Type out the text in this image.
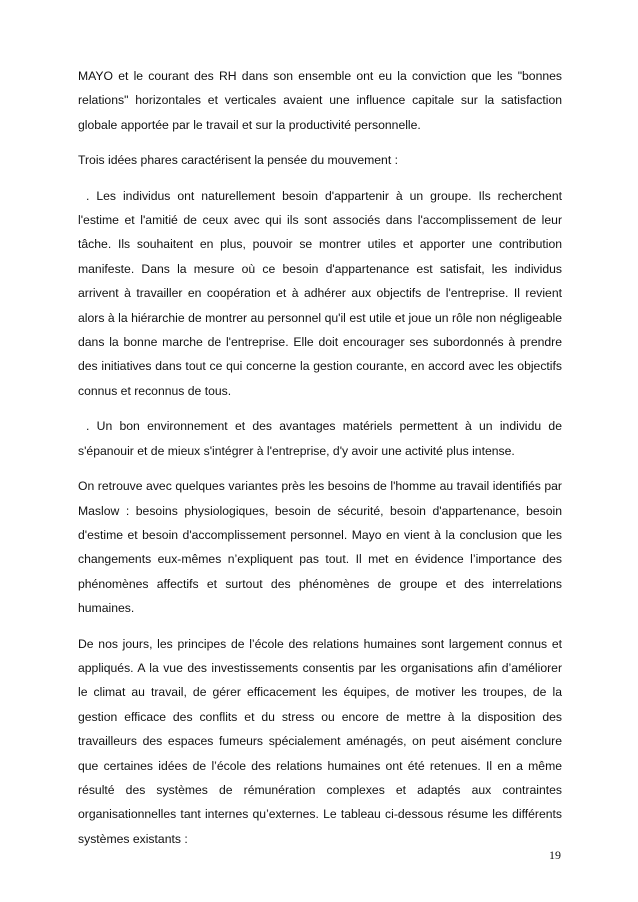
MAYO et le courant des RH dans son ensemble ont eu la conviction que les "bonnes relations" horizontales et verticales avaient une influence capitale sur la satisfaction globale apportée par le travail et sur la productivité personnelle.

Trois idées phares caractérisent la pensée du mouvement :

. Les individus ont naturellement besoin d'appartenir à un groupe. Ils recherchent l'estime et l'amitié de ceux avec qui ils sont associés dans l'accomplissement de leur tâche. Ils souhaitent en plus, pouvoir se montrer utiles et apporter une contribution manifeste. Dans la mesure où ce besoin d'appartenance est satisfait, les individus arrivent à travailler en coopération et à adhérer aux objectifs de l'entreprise. Il revient alors à la hiérarchie de montrer au personnel qu'il est utile et joue un rôle non négligeable dans la bonne marche de l'entreprise. Elle doit encourager ses subordonnés à prendre des initiatives dans tout ce qui concerne la gestion courante, en accord avec les objectifs connus et reconnus de tous.

. Un bon environnement et des avantages matériels permettent à un individu de s'épanouir et de mieux s'intégrer à l'entreprise, d'y avoir une activité plus intense.

On retrouve avec quelques variantes près les besoins de l'homme au travail identifiés par Maslow : besoins physiologiques, besoin de sécurité, besoin d'appartenance, besoin d'estime et besoin d'accomplissement personnel. Mayo en vient à la conclusion que les changements eux-mêmes n’expliquent pas tout. Il met en évidence l’importance des phénomènes affectifs et surtout des phénomènes de groupe et des interrelations humaines.

De nos jours, les principes de l’école des relations humaines sont largement connus et appliqués. A la vue des investissements consentis par les organisations afin d’améliorer le climat au travail, de gérer efficacement les équipes, de motiver les troupes, de la gestion efficace des conflits et du stress ou encore de mettre à la disposition des travailleurs des espaces fumeurs spécialement aménagés, on peut aisément conclure que certaines idées de l’école des relations humaines ont été retenues. Il en a même résulté des systèmes de rémunération complexes et adaptés aux contraintes organisationnelles tant internes qu’externes. Le tableau ci-dessous résume les différents systèmes existants :

19
